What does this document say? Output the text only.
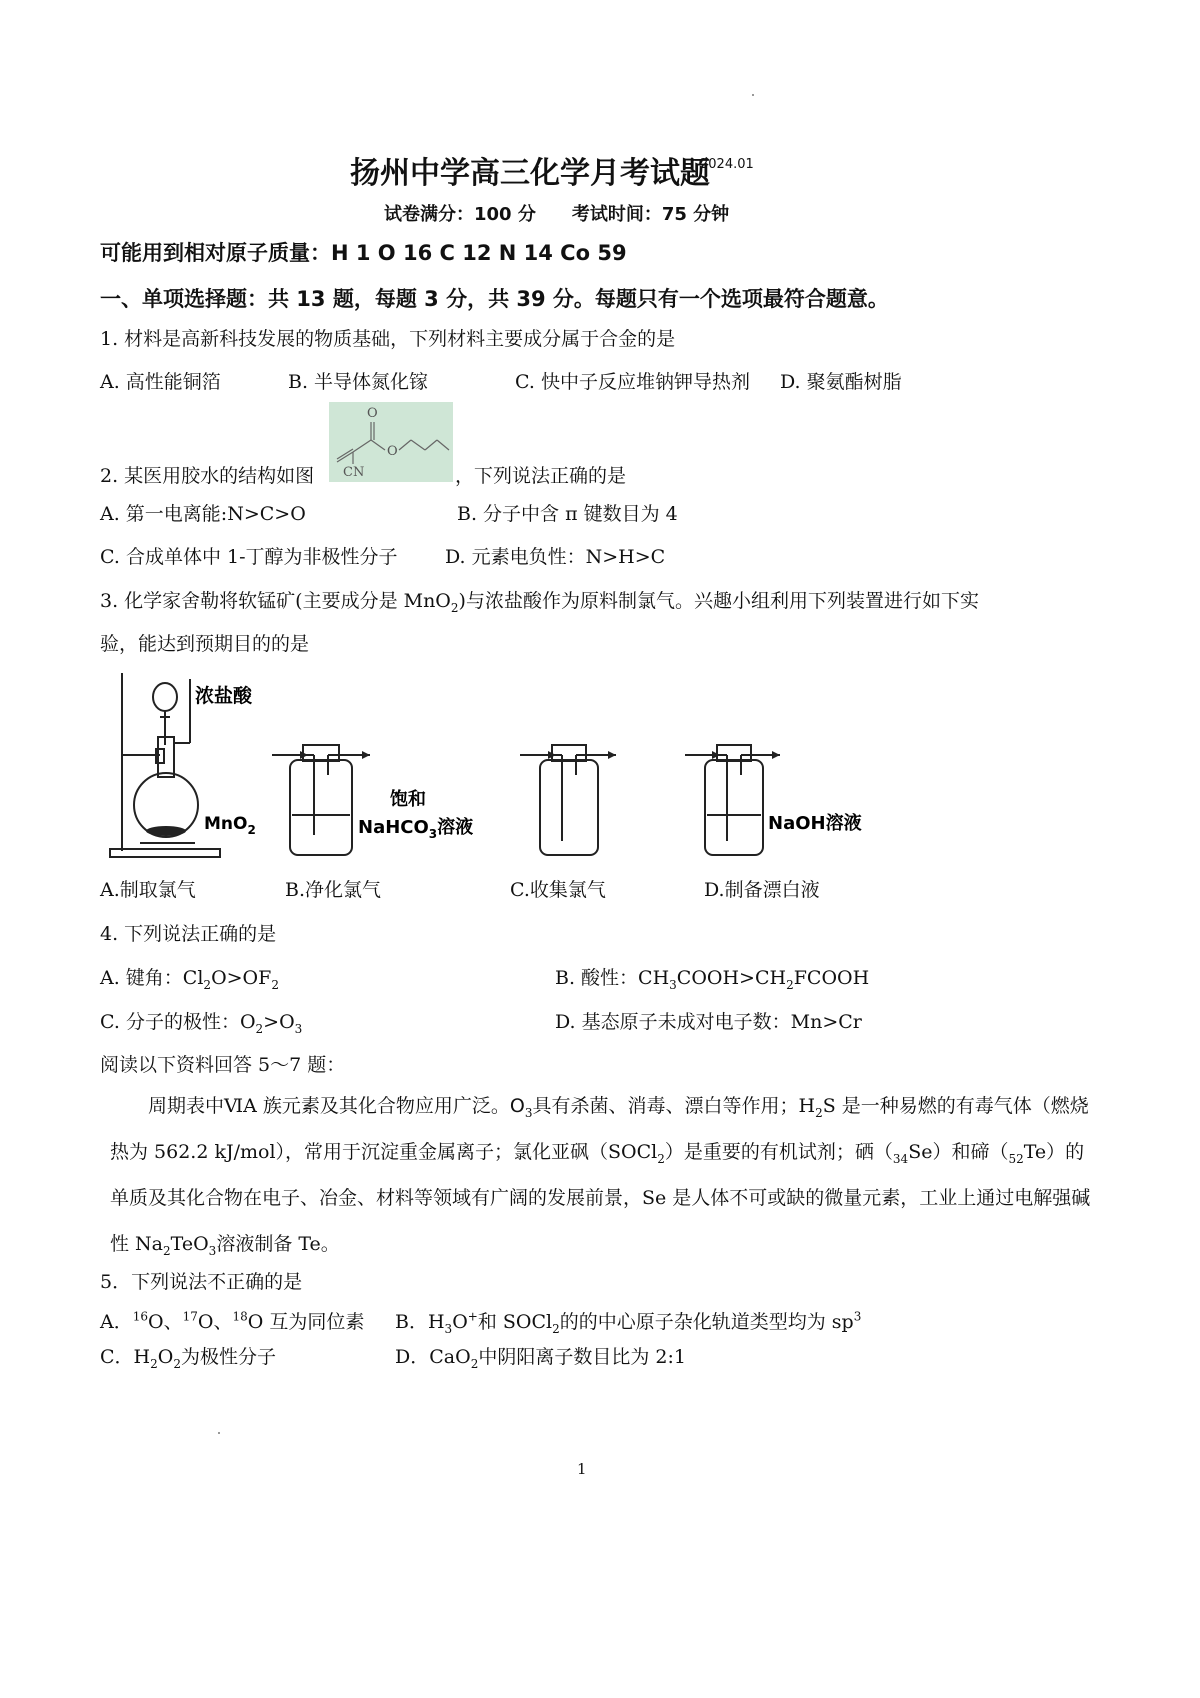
扬州中学高三化学月考试题
2024.01
试卷满分：100 分　　考试时间：75 分钟
可能用到相对原子质量：H 1 O 16 C 12 N 14 Co 59
一、单项选择题：共 13 题，每题 3 分，共 39 分。每题只有一个选项最符合题意。
1. 材料是高新科技发展的物质基础，下列材料主要成分属于合金的是
A. 高性能铜箔	B. 半导体氮化镓	C. 快中子反应堆钠钾导热剂 D. 聚氨酯树脂
2. 某医用胶水的结构如图
O
O
CN	，下列说法正确的是
A. 第一电离能:N>C>O	B. 分子中含 π 键数目为 4
C. 合成单体中 1-丁醇为非极性分子	D. 元素电负性：N>H>C
3. 化学家舍勒将软锰矿(主要成分是 MnO$_2$)与浓盐酸作为原料制氯气。兴趣小组利用下列装置进行如下实
验，能达到预期目的的是
浓盐酸
MnO$_2$
饱和
NaHCO$_3$溶液	NaOH溶液
A.制取氯气	B.净化氯气	C.收集氯气	D.制备漂白液
4. 下列说法正确的是
A. 键角：$Cl_2O>OF_2$	B. 酸性：$CH_3COOH>CH_2FCOOH$
C. 分子的极性：$O_2>O_3$	D. 基态原子未成对电子数：Mn>Cr
阅读以下资料回答 5～7 题：
　　周期表中ⅥA 族元素及其化合物应用广泛。$O_3$具有杀菌、消毒、漂白等作用；$H_2S$ 是一种易燃的有毒气体（燃烧热为 562.2 kJ/mol），常用于沉淀重金属离子；氯化亚砜（SOCl$_2$）是重要的有机试剂；硒$(_{34}Se)$和碲$(_{52}Te)$的单质及其化合物在电子、冶金、材料等领域有广阔的发展前景，Se 是人体不可或缺的微量元素，工业上通过电解强碱性 $Na_2TeO_3$溶液制备 Te。
5．下列说法不正确的是
A．$^{16}$O、$^{17}$O、$^{18}$O 互为同位素 B．$H_3O^+$和 SOCl$_2$的的中心原子杂化轨道类型均为 $sp^3$
C．$H_2O_2$为极性分子	D．CaO$_2$中阴阳离子数目比为 2:1
1
